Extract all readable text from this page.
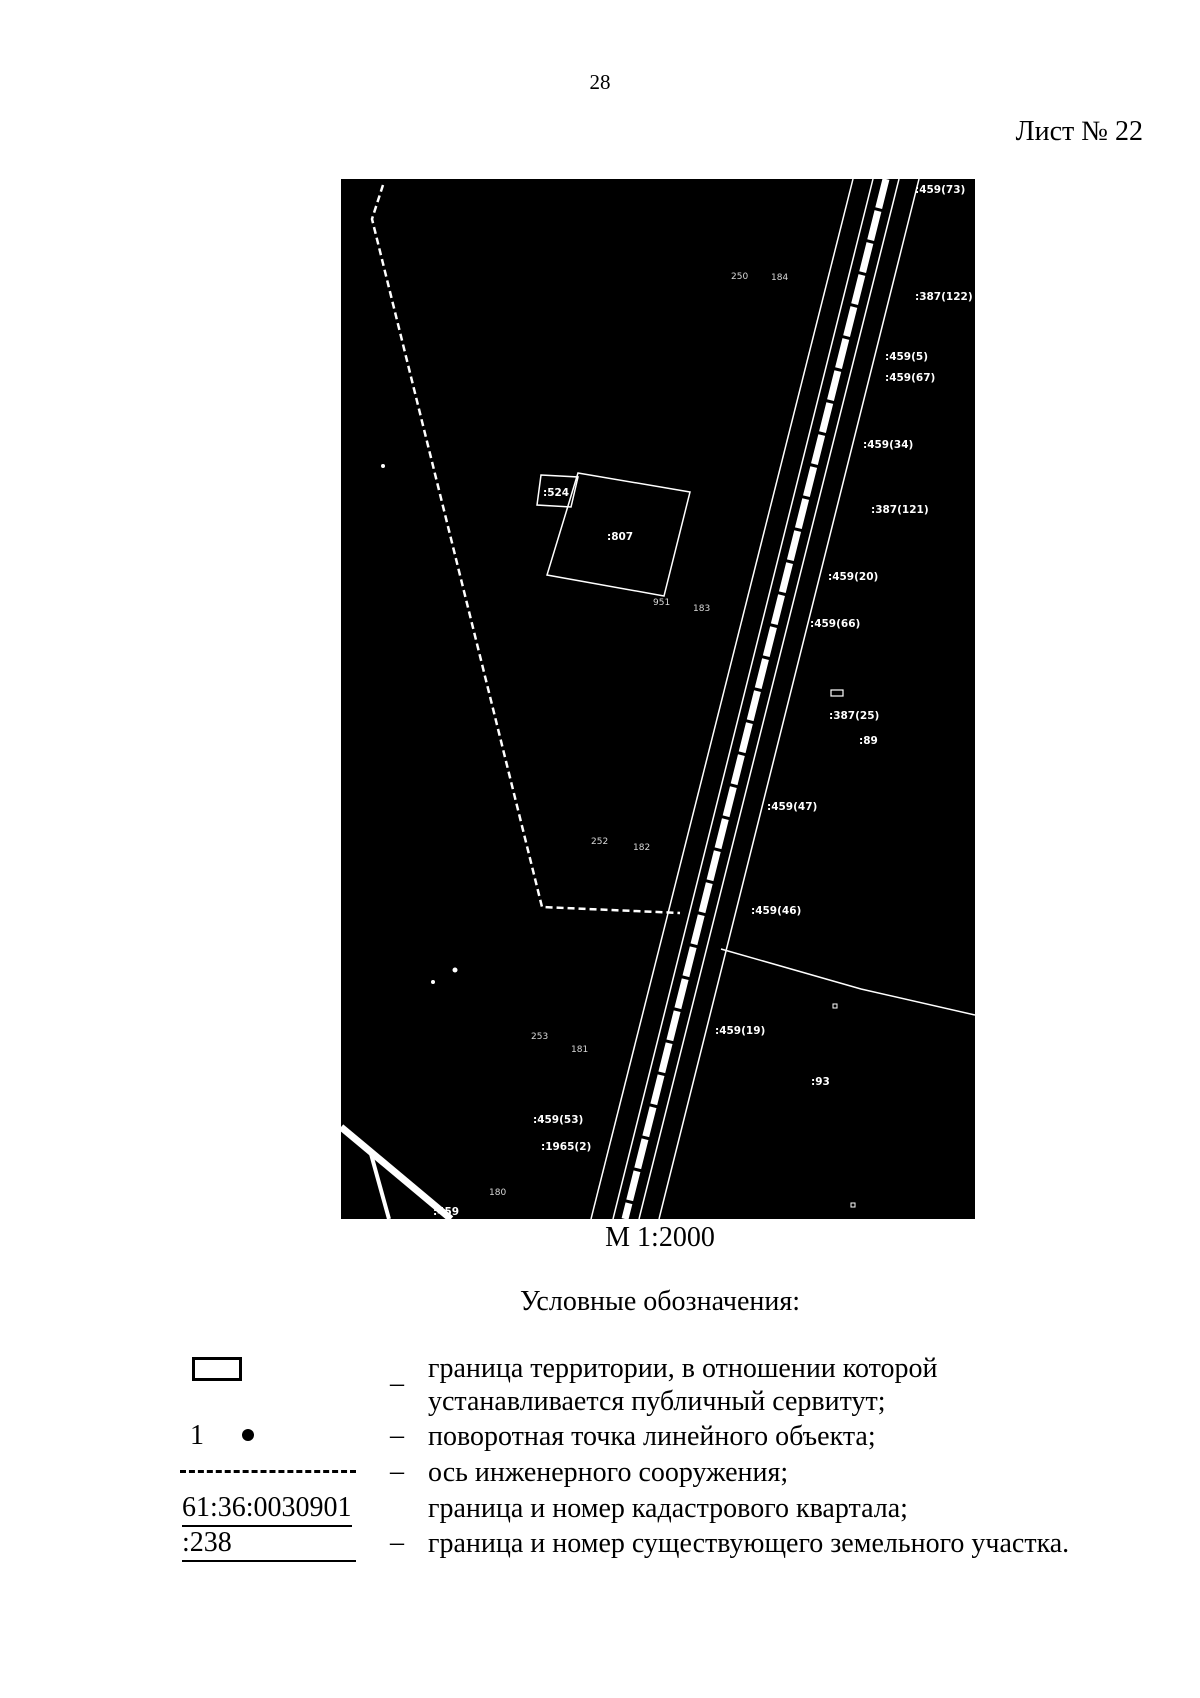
28
Лист № 22
:459(73)
250	184
:387(122)
:459(5)
:459(67)
:459(34)
:387(121)
:524
:807
:459(20)
951
183
:459(66)
:387(25)
:89
:459(47)
252
182
:459(46)
:459(19)
253
181
:93
:459(53)
:1965(2)
180
:459
М 1:2000
Условные обозначения:
– граница территории, в отношении которой
устанавливается публичный сервитут;
1	– поворотная точка линейного объекта;
– ось инженерного сооружения;
61:36:0030901	граница и номер кадастрового квартала;
:238	– граница и номер существующего земельного участка.
